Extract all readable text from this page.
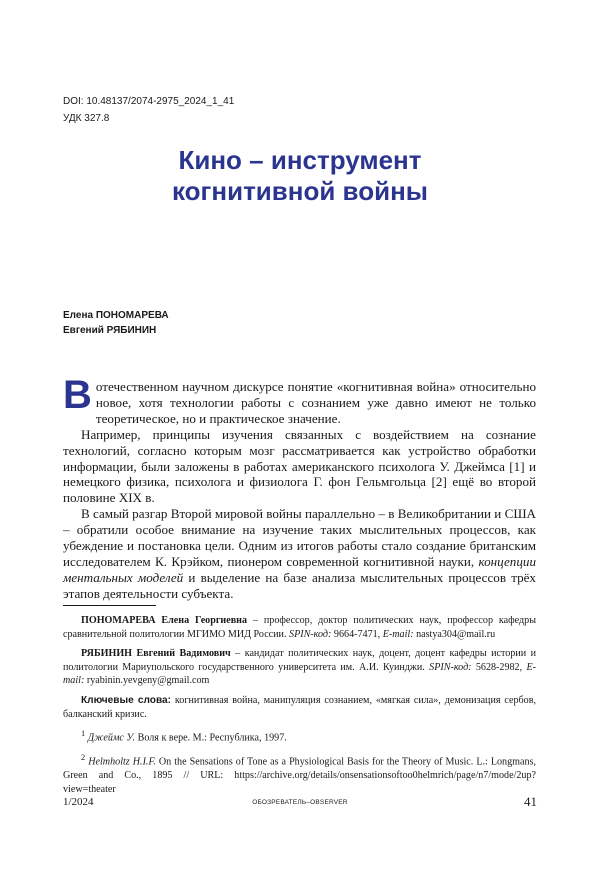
DOI: 10.48137/2074-2975_2024_1_41
УДК 327.8
Кино – инструмент
когнитивной войны
Елена ПОНОМАРЕВА
Евгений РЯБИНИН

В отечественном научном дискурсе понятие «когнитивная война» относительно новое, хотя технологии работы с сознанием уже давно имеют не только теоретическое, но и практическое значение.

Например, принципы изучения связанных с воздействием на сознание технологий, согласно которым мозг рассматривается как устройство обработки информации, были заложены в работах американского психолога У. Джеймса [1] и немецкого физика, психолога и физиолога Г. фон Гельмгольца [2] ещё во второй половине XIX в.

В самый разгар Второй мировой войны параллельно – в Великобритании и США – обратили особое внимание на изучение таких мыслительных процессов, как убеждение и постановка цели. Одним из итогов работы стало создание британским исследователем К. Крэйком, пионером современной когнитивной науки, концепции ментальных моделей и выделение на базе анализа мыслительных процессов трёх этапов деятельности субъекта.

ПОНОМАРЕВА Елена Георгиевна – профессор, доктор политических наук, профессор кафедры сравнительной политологии МГИМО МИД России. SPIN-код: 9664-7471, E-mail: nastya304@mail.ru

РЯБИНИН Евгений Вадимович – кандидат политических наук, доцент, доцент кафедры истории и политологии Мариупольского государственного университета им. А.И. Куинджи. SPIN-код: 5628-2982, E-mail: ryabinin.yevgeny@gmail.com

Ключевые слова: когнитивная война, манипуляция сознанием, «мягкая сила», демонизация сербов, балканский кризис.

$^1$ Джеймс У. Воля к вере. М.: Республика, 1997.

$^2$ Helmholtz H.I.F. On the Sensations of Tone as a Physiological Basis for the Theory of Music. L.: Longmans, Green and Co., 1895 // URL: https://archive.org/details/onsensationsoftoo0helmrich/page/n7/mode/2up?view=theater

1/2024	ОБОЗРЕВАТЕЛЬ–OBSERVER	41
